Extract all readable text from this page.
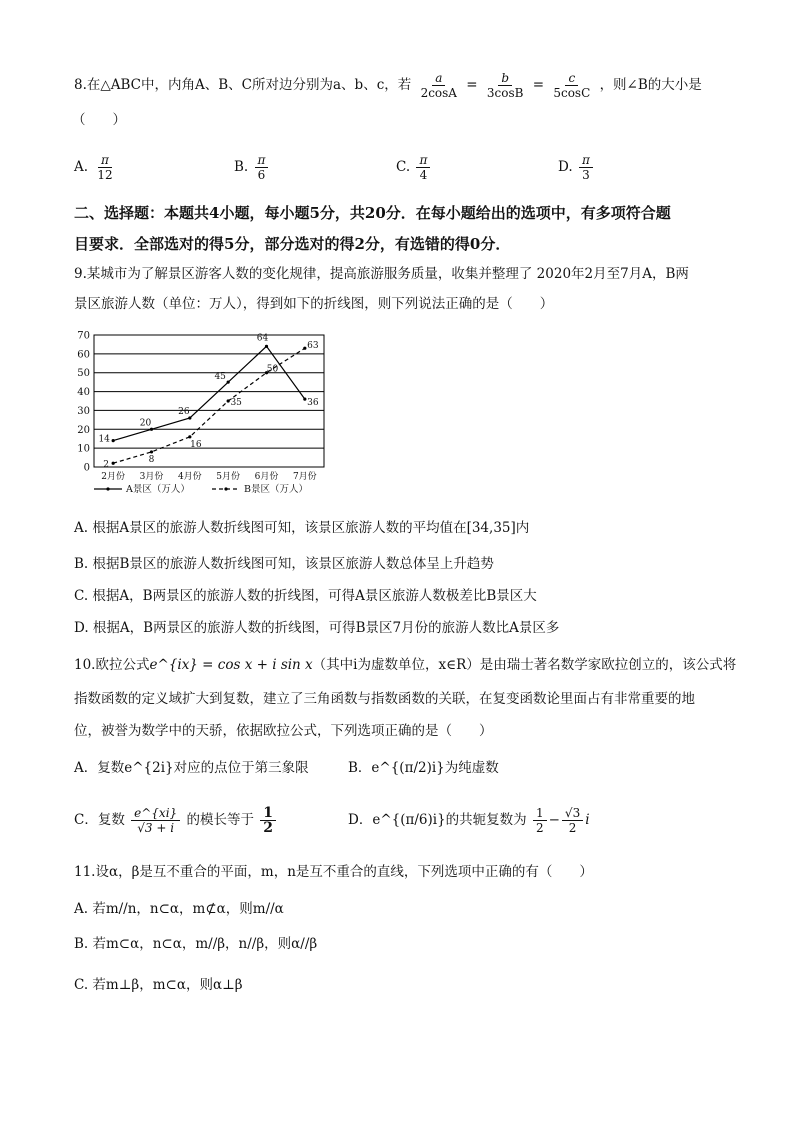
8.在△ABC中，内角A、B、C所对边分别为a、b、c，若 $\frac{a}{2\cos A} = \frac{b}{3\cos B} = \frac{c}{5\cos C}$ ，则∠B的大小是
（　　）
A. $\frac{\pi}{12}$	B. $\frac{\pi}{6}$	C. $\frac{\pi}{4}$	D. $\frac{\pi}{3}$
二、选择题：本题共4小题，每小题5分，共20分．在每小题给出的选项中，有多项符合题
目要求．全部选对的得5分，部分选对的得2分，有选错的得0分．
9.某城市为了解景区游客人数的变化规律，提高旅游服务质量，收集并整理了 2020年2月至7月A，B两
景区旅游人数（单位：万人），得到如下的折线图，则下列说法正确的是（　　）
0
10
20
30
40
50
60
70
2月份 3月份 4月份 5月份 6月份 7月份
14
20
26
45
64
36
2
8
16
35
50
63
A景区（万人）	B景区（万人）
A. 根据A景区的旅游人数折线图可知，该景区旅游人数的平均值在[34,35]内
B. 根据B景区的旅游人数折线图可知，该景区旅游人数总体呈上升趋势
C. 根据A，B两景区的旅游人数的折线图，可得A景区旅游人数极差比B景区大
D. 根据A，B两景区的旅游人数的折线图，可得B景区7月份的旅游人数比A景区多
10.欧拉公式e^{ix} = cos x + i sin x（其中i为虚数单位，x∈R）是由瑞士著名数学家欧拉创立的，该公式将
指数函数的定义域扩大到复数，建立了三角函数与指数函数的关联，在复变函数论里面占有非常重要的地
位，被誉为数学中的天骄，依据欧拉公式，下列选项正确的是（　　）
A．复数e^{2i}对应的点位于第三象限	B．e^{(π/2)i}为纯虚数
C．复数 $\frac{e\^{}\{xi\}}{√3 + i}$ 的模长等于 $\frac{1}{2}$	D．e^{(π/6)i}的共轭复数为 $\frac{1}{2} - \frac{√3}{2}$ i
11.设α，β是互不重合的平面，m，n是互不重合的直线，下列选项中正确的有（　　）
A. 若m//n，n⊂α，m⊄α，则m//α
B. 若m⊂α，n⊂α，m//β，n//β，则α//β
C. 若m⊥β，m⊂α，则α⊥β
